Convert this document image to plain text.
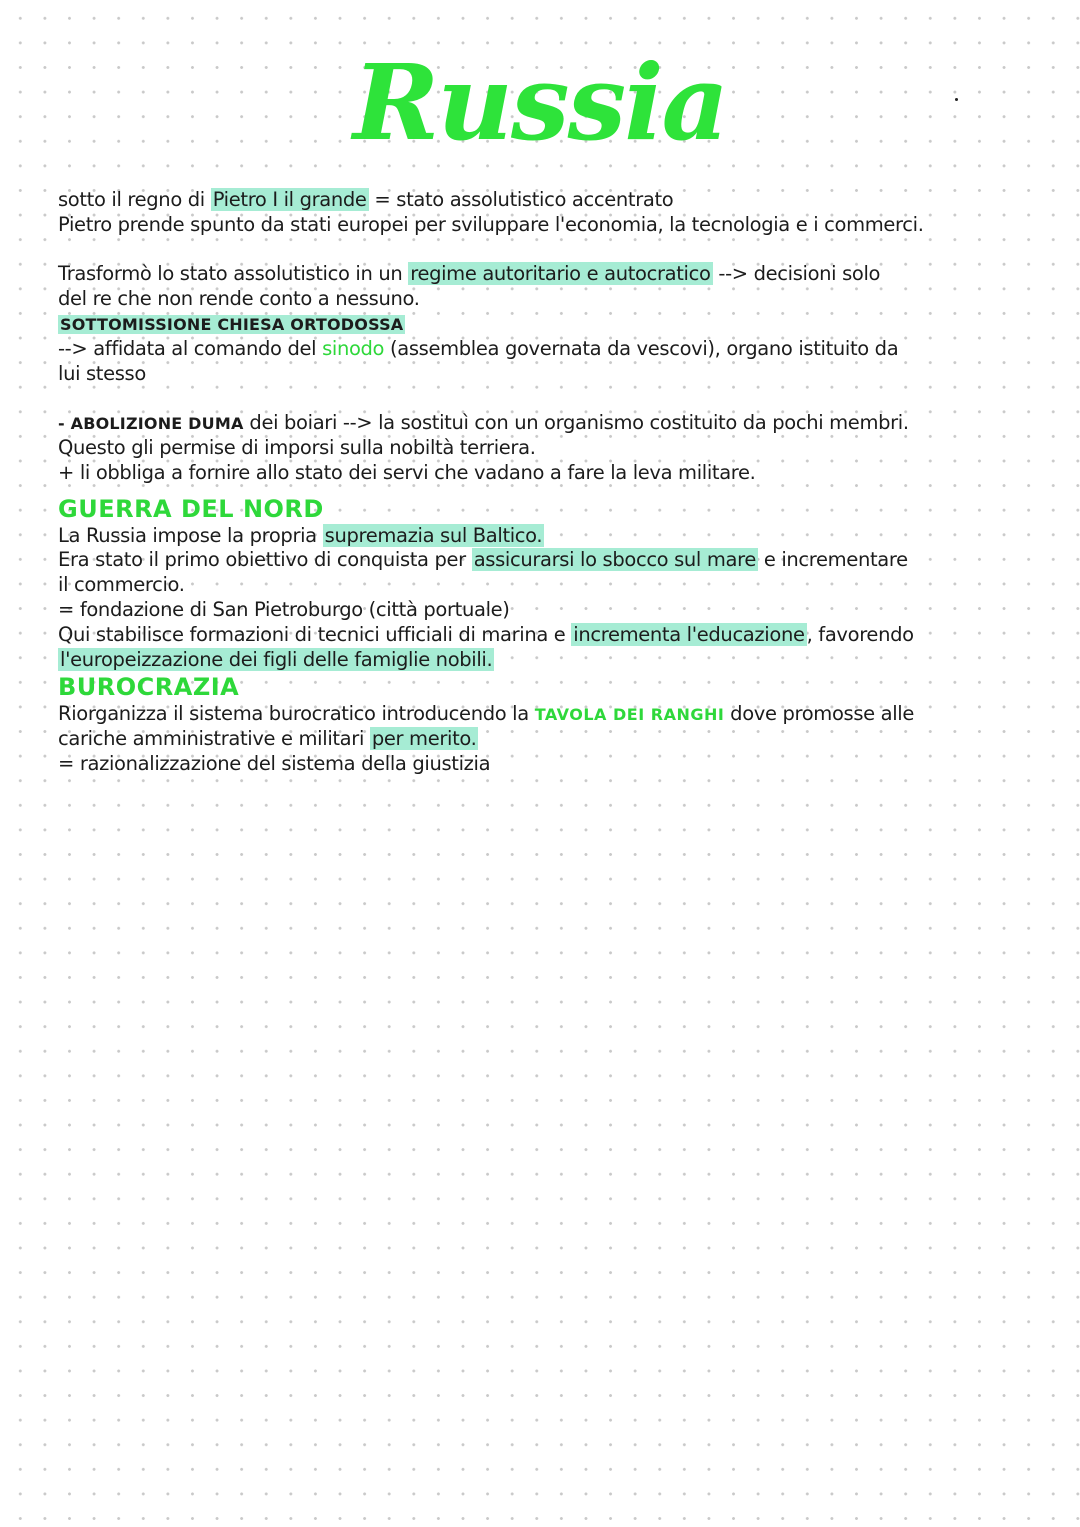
Russia
sotto il regno di Pietro I il grande = stato assolutistico accentrato
Pietro prende spunto da stati europei per sviluppare l'economia, la tecnologia e i commerci.
Trasformò lo stato assolutistico in un regime autoritario e autocratico --> decisioni solo
del re che non rende conto a nessuno.
SOTTOMISSIONE CHIESA ORTODOSSA
--> affidata al comando del sinodo (assemblea governata da vescovi), organo istituito da
lui stesso
- ABOLIZIONE DUMA dei boiari --> la sostituì con un organismo costituito da pochi membri.
Questo gli permise di imporsi sulla nobiltà terriera.
+ li obbliga a fornire allo stato dei servi che vadano a fare la leva militare.
GUERRA DEL NORD
La Russia impose la propria supremazia sul Baltico.
Era stato il primo obiettivo di conquista per assicurarsi lo sbocco sul mare e incrementare
il commercio.
= fondazione di San Pietroburgo (città portuale)
Qui stabilisce formazioni di tecnici ufficiali di marina e incrementa l'educazione , favorendo
l'europeizzazione dei figli delle famiglie nobili.
BUROCRAZIA
Riorganizza il sistema burocratico introducendo la TAVOLA DEI RANGHI dove promosse alle
cariche amministrative e militari per merito.
= razionalizzazione del sistema della giustizia
